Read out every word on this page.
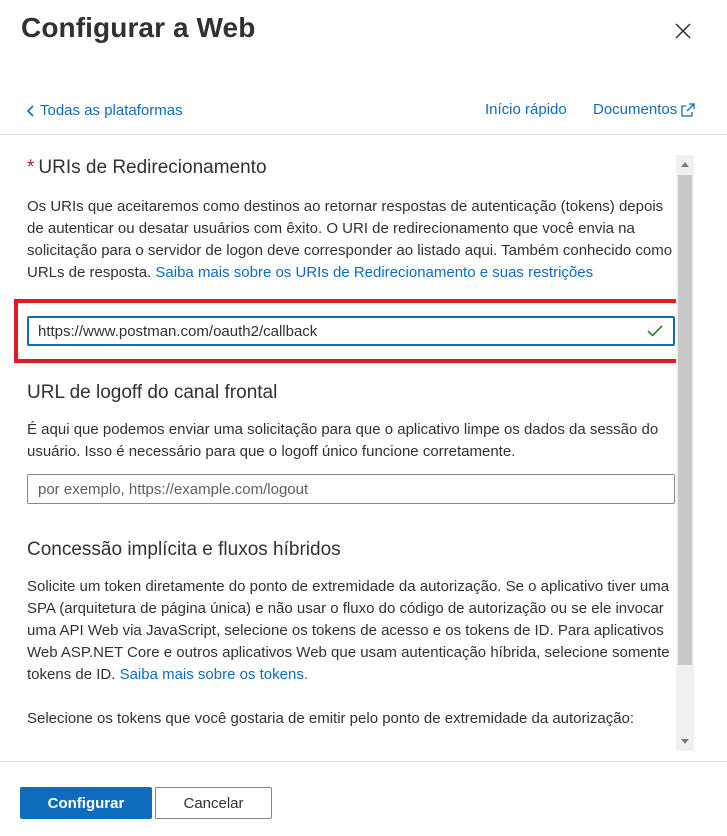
Configurar a Web
Todas as plataformas	Início rápido Documentos
* URIs de Redirecionamento

Os URIs que aceitaremos como destinos ao retornar respostas de autenticação (tokens) depois de autenticar ou desatar usuários com êxito. O URI de redirecionamento que você envia na solicitação para o servidor de logon deve corresponder ao listado aqui. Também conhecido como URLs de resposta. Saiba mais sobre os URIs de Redirecionamento e suas restrições

https://www.postman.com/oauth2/callback
URL de logoff do canal frontal

É aqui que podemos enviar uma solicitação para que o aplicativo limpe os dados da sessão do usuário. Isso é necessário para que o logoff único funcione corretamente.

por exemplo, https://example.com/logout
Concessão implícita e fluxos híbridos

Solicite um token diretamente do ponto de extremidade da autorização. Se o aplicativo tiver uma SPA (arquitetura de página única) e não usar o fluxo do código de autorização ou se ele invocar uma API Web via JavaScript, selecione os tokens de acesso e os tokens de ID. Para aplicativos Web ASP.NET Core e outros aplicativos Web que usam autenticação híbrida, selecione somente tokens de ID. Saiba mais sobre os tokens.

Selecione os tokens que você gostaria de emitir pelo ponto de extremidade da autorização:

Configurar	Cancelar
